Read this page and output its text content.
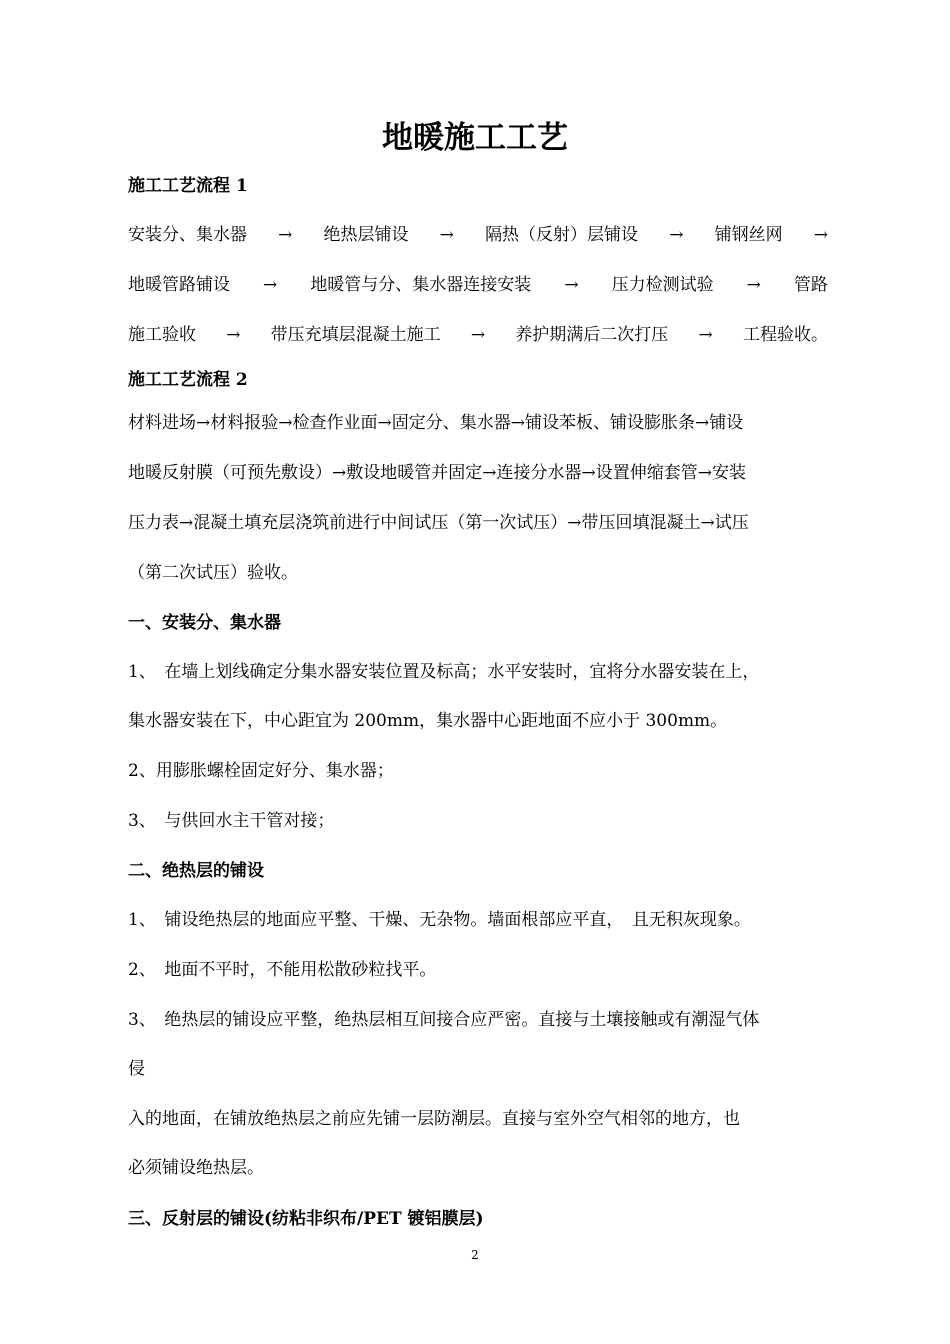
地暖施工工艺
施工工艺流程 1
安装分、集水器 → 绝热层铺设 → 隔热（反射）层铺设 → 铺钢丝网 →
地暖管路铺设 → 地暖管与分、集水器连接安装 → 压力检测试验 → 管路
施工验收 → 带压充填层混凝土施工 → 养护期满后二次打压 → 工程验收。
施工工艺流程 2
材料进场→材料报验→检查作业面→固定分、集水器→铺设苯板、铺设膨胀条→铺设
地暖反射膜（可预先敷设）→敷设地暖管并固定→连接分水器→设置伸缩套管→安装
压力表→混凝土填充层浇筑前进行中间试压（第一次试压）→带压回填混凝土→试压
（第二次试压）验收。
一、安装分、集水器
1、　在墙上划线确定分集水器安装位置及标高；水平安装时，宜将分水器安装在上，
集水器安装在下，中心距宜为 200mm，集水器中心距地面不应小于 300mm。
2、用膨胀螺栓固定好分、集水器；
3、　与供回水主干管对接；
二、绝热层的铺设
1、　铺设绝热层的地面应平整、干燥、无杂物。墙面根部应平直，　且无积灰现象。
2、　地面不平时，不能用松散砂粒找平。
3、　绝热层的铺设应平整，绝热层相互间接合应严密。直接与土壤接触或有潮湿气体
侵
入的地面，在铺放绝热层之前应先铺一层防潮层。直接与室外空气相邻的地方，也
必须铺设绝热层。
三、反射层的铺设(纺粘非织布/PET 镀铝膜层)
2
